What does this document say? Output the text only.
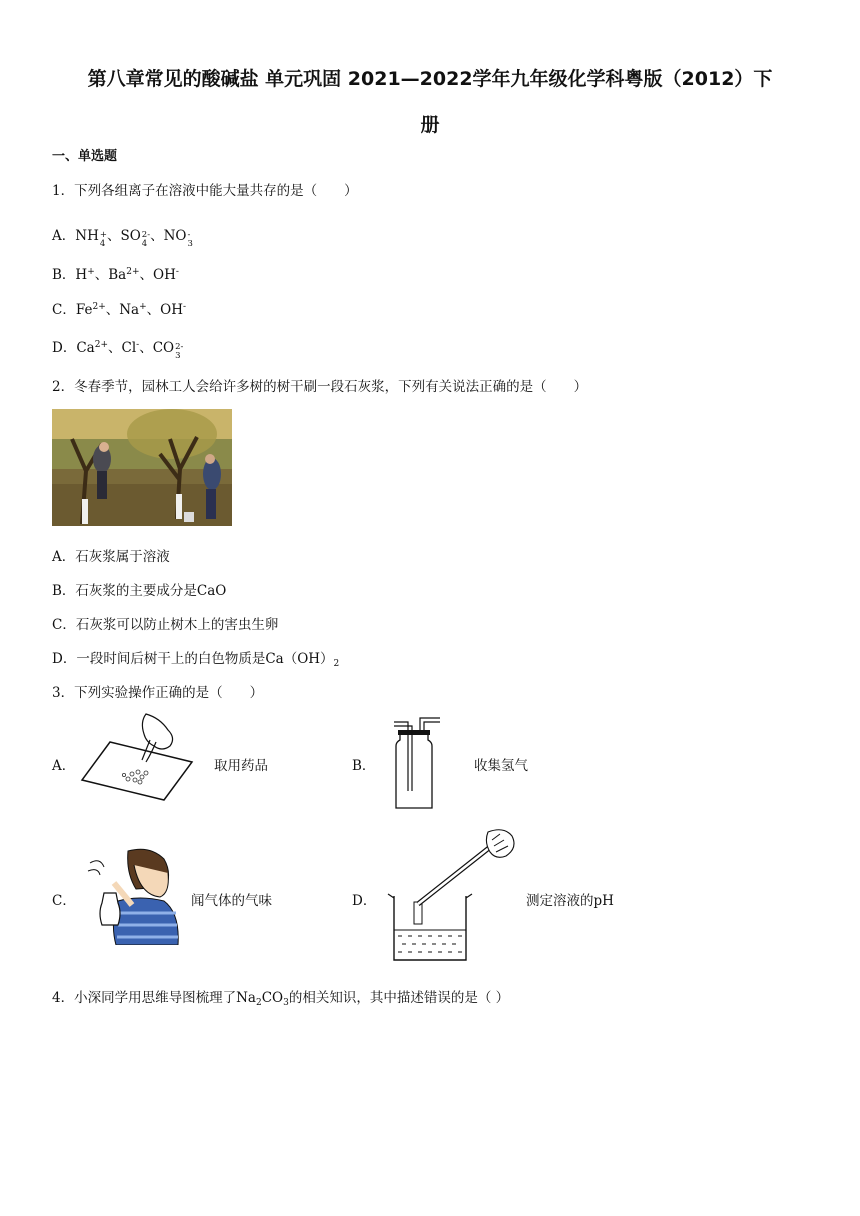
第八章常见的酸碱盐 单元巩固 2021—2022学年九年级化学科粤版（2012）下
册
一、单选题
1．下列各组离子在溶液中能大量共存的是（　　）
A．NH +
4 、SO 2-
4 、NO -
3
B．H+、$Ba^{2+}$、OH-
C．$Fe^{2+}$、Na+、OH-
D．$Ca^{2+}$、Cl-、CO 2-
3
2．冬春季节，园林工人会给许多树的树干刷一段石灰浆，下列有关说法正确的是（　　）
A．石灰浆属于溶液
B．石灰浆的主要成分是CaO
C．石灰浆可以防止树木上的害虫生卵
D．一段时间后树干上的白色物质是$Ca(OH)_2$
3．下列实验操作正确的是（　　）
A．	取用药品	B．	收集氢气
C．	闻气体的气味	D．	测定溶液的pH
4．小深同学用思维导图梳理了$Na_2CO_3$的相关知识，其中描述错误的是（ ）
